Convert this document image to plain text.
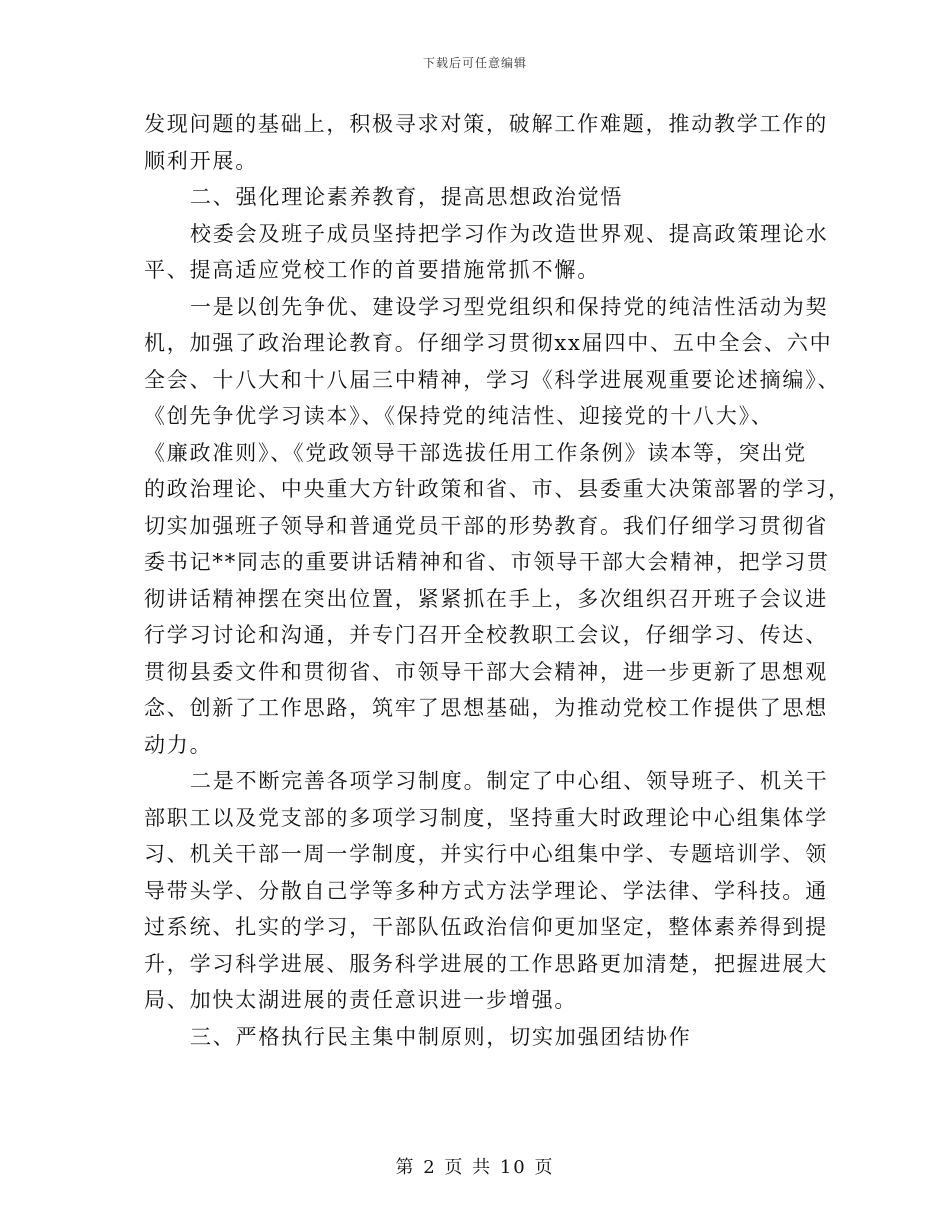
下载后可任意编辑
发现问题的基础上，积极寻求对策，破解工作难题，推动教学工作的
顺利开展。
二、强化理论素养教育，提高思想政治觉悟
校委会及班子成员坚持把学习作为改造世界观、提高政策理论水
平、提高适应党校工作的首要措施常抓不懈。
一是以创先争优、建设学习型党组织和保持党的纯洁性活动为契
机，加强了政治理论教育。仔细学习贯彻xx届四中、五中全会、六中
全会、十八大和十八届三中精神，学习《科学进展观重要论述摘编》、
《创先争优学习读本》、《保持党的纯洁性、迎接党的十八大》、
《廉政准则》、《党政领导干部选拔任用工作条例》读本等，突出党
的政治理论、中央重大方针政策和省、市、县委重大决策部署的学习，
切实加强班子领导和普通党员干部的形势教育。我们仔细学习贯彻省
委书记**同志的重要讲话精神和省、市领导干部大会精神，把学习贯
彻讲话精神摆在突出位置，紧紧抓在手上，多次组织召开班子会议进
行学习讨论和沟通，并专门召开全校教职工会议，仔细学习、传达、
贯彻县委文件和贯彻省、市领导干部大会精神，进一步更新了思想观
念、创新了工作思路，筑牢了思想基础，为推动党校工作提供了思想
动力。
二是不断完善各项学习制度。制定了中心组、领导班子、机关干
部职工以及党支部的多项学习制度，坚持重大时政理论中心组集体学
习、机关干部一周一学制度，并实行中心组集中学、专题培训学、领
导带头学、分散自己学等多种方式方法学理论、学法律、学科技。通
过系统、扎实的学习，干部队伍政治信仰更加坚定，整体素养得到提
升，学习科学进展、服务科学进展的工作思路更加清楚，把握进展大
局、加快太湖进展的责任意识进一步增强。
三、严格执行民主集中制原则，切实加强团结协作
第 2 页 共 10 页
